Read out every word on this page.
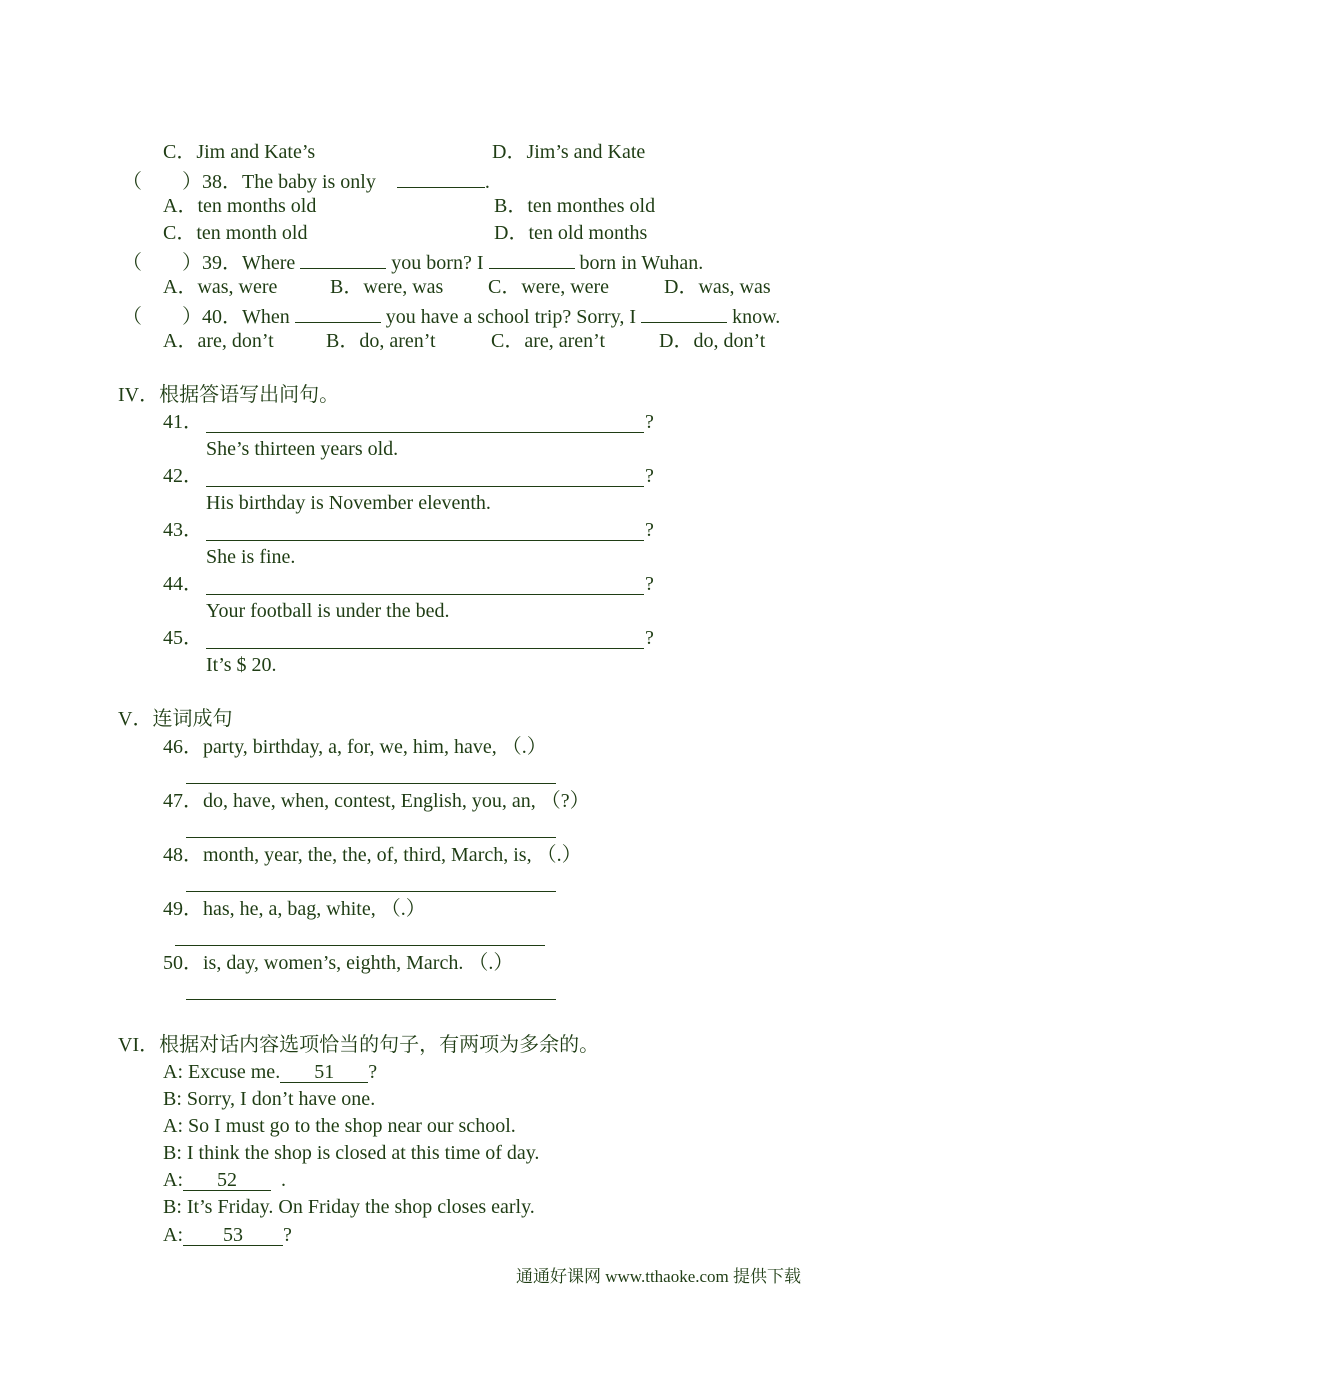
C．Jim and Kate’s	D．Jim’s and Kate
（　　）38．The baby is only	.
A．ten months old	B．ten monthes old
C．ten month old	D．ten old months
（　　）39．Where	you born? I	born in Wuhan.
A．was, were	B．were, was C．were, were	D．was, was
（　　）40．When	you have a school trip? Sorry, I	know.
A．are, don’t	B．do, aren’t	C．are, aren’t	D．do, don’t
IV．根据答语写出问句。
41．	?
She’s thirteen years old.
42．	?
His birthday is November eleventh.
43．	?
She is fine.
44．	?
Your football is under the bed.
45．	?
It’s $ 20.
V．连词成句
46．party, birthday, a, for, we, him, have, （.）
47．do, have, when, contest, English, you, an, （?）
48．month, year, the, the, of, third, March, is, （.）
49．has, he, a, bag, white, （.）
50．is, day, women’s, eighth, March. （.）
VI．根据对话内容选项恰当的句子，有两项为多余的。
A: Excuse me. 51 ?
B: Sorry, I don’t have one.
A: So I must go to the shop near our school.
B: I think the shop is closed at this time of day.
A: 52 .
B: It’s Friday. On Friday the shop closes early.
A: 53 ?
通通好课网 www.tthaoke.com 提供下载
